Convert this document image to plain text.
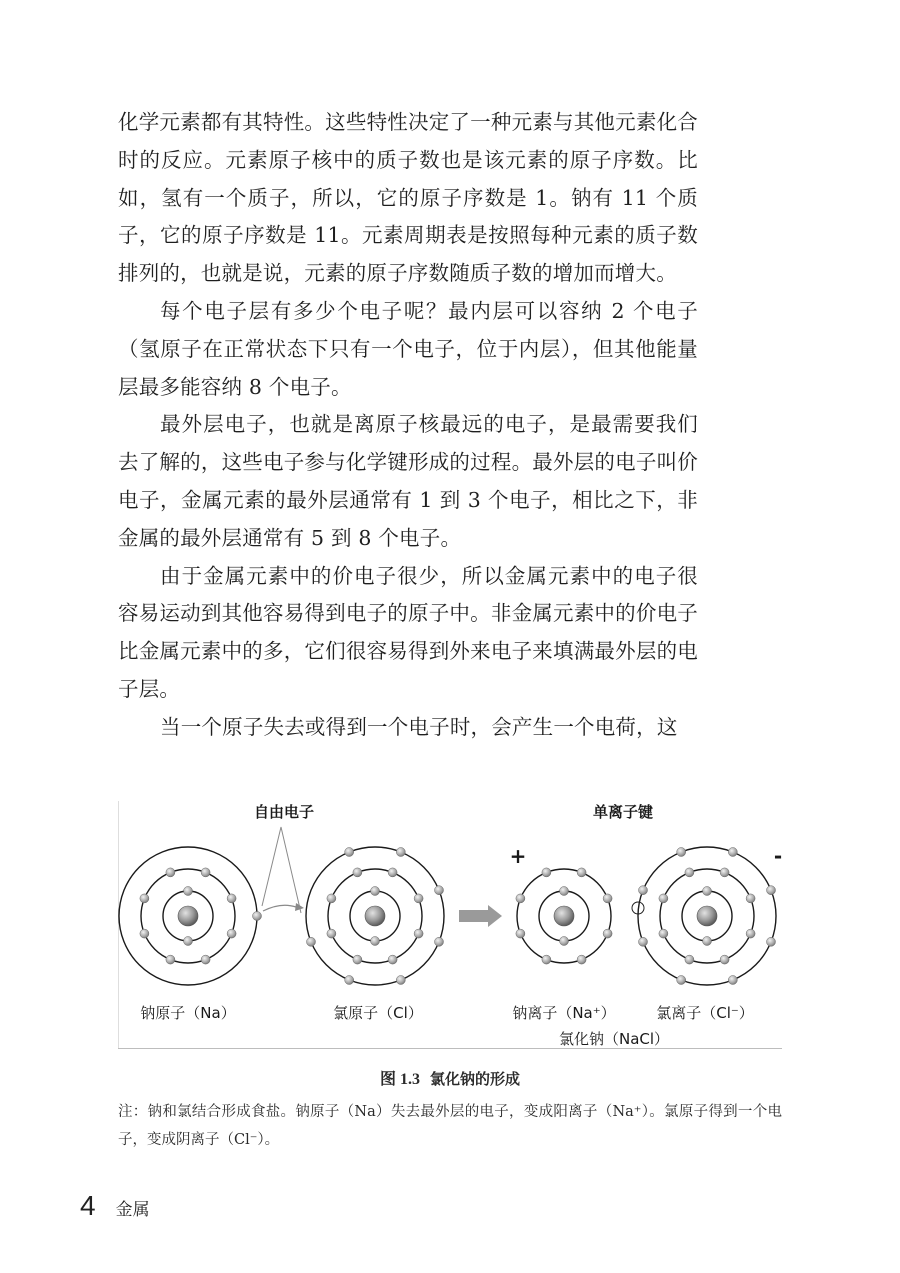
化学元素都有其特性。这些特性决定了一种元素与其他元素化合时的反应。元素原子核中的质子数也是该元素的原子序数。比如，氢有一个质子，所以，它的原子序数是 1。钠有 11 个质子，它的原子序数是 11。元素周期表是按照每种元素的质子数排列的，也就是说，元素的原子序数随质子数的增加而增大。

每个电子层有多少个电子呢？最内层可以容纳 2 个电子（氢原子在正常状态下只有一个电子，位于内层），但其他能量层最多能容纳 8 个电子。

最外层电子，也就是离原子核最远的电子，是最需要我们去了解的，这些电子参与化学键形成的过程。最外层的电子叫价电子，金属元素的最外层通常有 1 到 3 个电子，相比之下，非金属的最外层通常有 5 到 8 个电子。

由于金属元素中的价电子很少，所以金属元素中的电子很容易运动到其他容易得到电子的原子中。非金属元素中的价电子比金属元素中的多，它们很容易得到外来电子来填满最外层的电子层。

当一个原子失去或得到一个电子时，会产生一个电荷，这

自由电子	单离子键
+	-
钠原子（Na）	氯原子（Cl）	钠离子（Na⁺）	氯离子（Cl⁻）
氯化钠（NaCl）
图 1.3 氯化钠的形成

注：钠和氯结合形成食盐。钠原子（Na）失去最外层的电子，变成阳离子（Na⁺）。氯原子得到一个电子，变成阴离子（Cl⁻）。

4 金属
